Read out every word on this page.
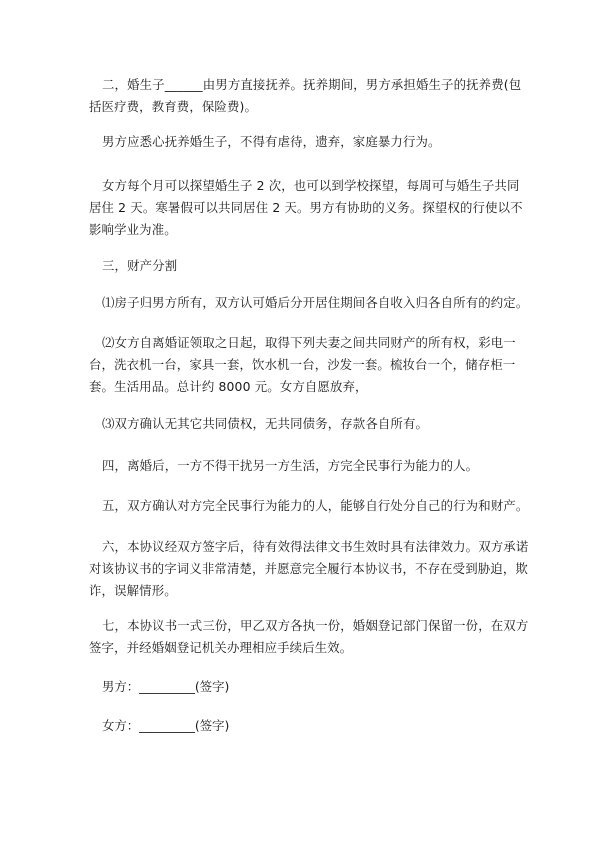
二，婚生子______由男方直接抚养。抚养期间，男方承担婚生子的抚养费(包括医疗费，教育费，保险费)。

男方应悉心抚养婚生子，不得有虐待，遗弃，家庭暴力行为。

女方每个月可以探望婚生子 2 次，也可以到学校探望，每周可与婚生子共同居住 2 天。寒暑假可以共同居住 2 天。男方有协助的义务。探望权的行使以不影响学业为准。

三，财产分割

⑴房子归男方所有，双方认可婚后分开居住期间各自收入归各自所有的约定。

⑵女方自离婚证领取之日起，取得下列夫妻之间共同财产的所有权，彩电一台，洗衣机一台，家具一套，饮水机一台，沙发一套。梳妆台一个，储存柜一套。生活用品。总计约 8000 元。女方自愿放弃，

⑶双方确认无其它共同债权，无共同债务，存款各自所有。

四，离婚后，一方不得干扰另一方生活，方完全民事行为能力的人。

五，双方确认对方完全民事行为能力的人，能够自行处分自己的行为和财产。

六，本协议经双方签字后，待有效得法律文书生效时具有法律效力。双方承诺对该协议书的字词义非常清楚，并愿意完全履行本协议书，不存在受到胁迫，欺诈，误解情形。

七，本协议书一式三份，甲乙双方各执一份，婚姻登记部门保留一份，在双方签字，并经婚姻登记机关办理相应手续后生效。

男方：_________(签字)

女方：_________(签字)
